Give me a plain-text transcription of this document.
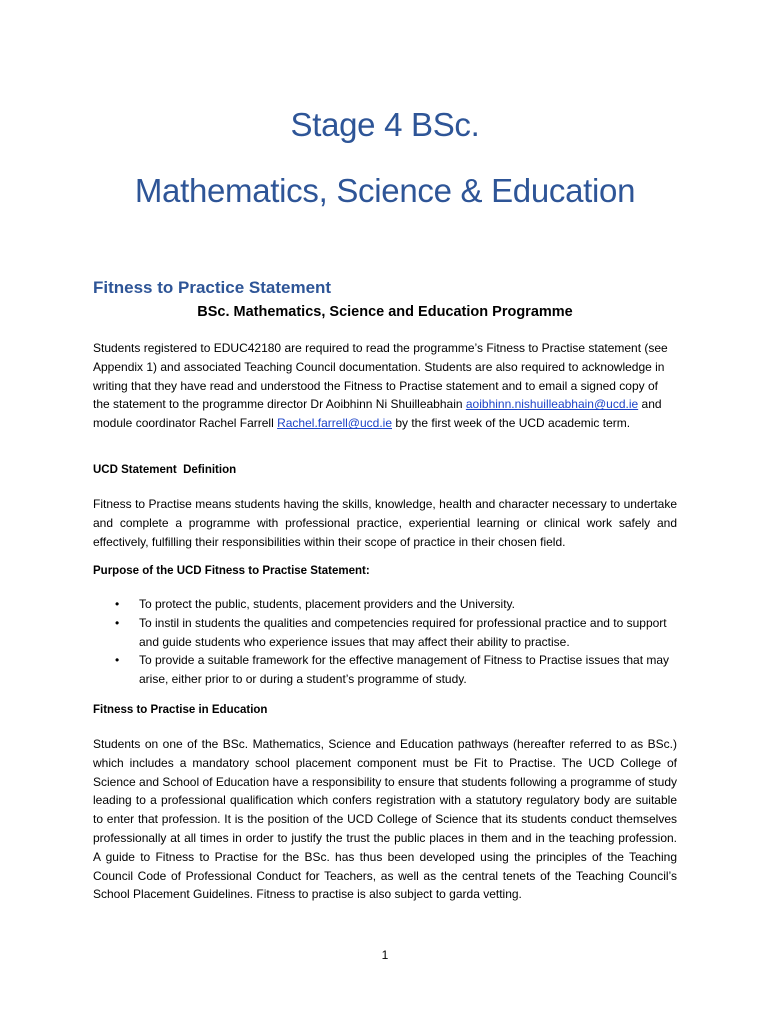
Stage 4 BSc.
Mathematics, Science & Education
Fitness to Practice Statement
BSc. Mathematics, Science and Education Programme

Students registered to EDUC42180 are required to read the programme’s Fitness to Practise statement (see Appendix 1) and associated Teaching Council documentation. Students are also required to acknowledge in writing that they have read and understood the Fitness to Practise statement and to email a signed copy of the statement to the programme director Dr Aoibhinn Ni Shuilleabhain aoibhinn.nishuilleabhain@ucd.ie and module coordinator Rachel Farrell Rachel.farrell@ucd.ie by the first week of the UCD academic term.

UCD Statement  Definition

Fitness to Practise means students having the skills, knowledge, health and character necessary to undertake and complete a programme with professional practice, experiential learning or clinical work safely and effectively, fulfilling their responsibilities within their scope of practice in their chosen field.

Purpose of the UCD Fitness to Practise Statement:
• To protect the public, students, placement providers and the University.
• To instil in students the qualities and competencies required for professional practice and to support and guide students who experience issues that may affect their ability to practise.
• To provide a suitable framework for the effective management of Fitness to Practise issues that may arise, either prior to or during a student’s programme of study.
Fitness to Practise in Education

Students on one of the BSc. Mathematics, Science and Education pathways (hereafter referred to as BSc.) which includes a mandatory school placement component must be Fit to Practise. The UCD College of Science and School of Education have a responsibility to ensure that students following a programme of study leading to a professional qualification which confers registration with a statutory regulatory body are suitable to enter that profession. It is the position of the UCD College of Science that its students conduct themselves professionally at all times in order to justify the trust the public places in them and in the teaching profession. A guide to Fitness to Practise for the BSc. has thus been developed using the principles of the Teaching Council Code of Professional Conduct for Teachers, as well as the central tenets of the Teaching Council’s School Placement Guidelines. Fitness to practise is also subject to garda vetting.

1
